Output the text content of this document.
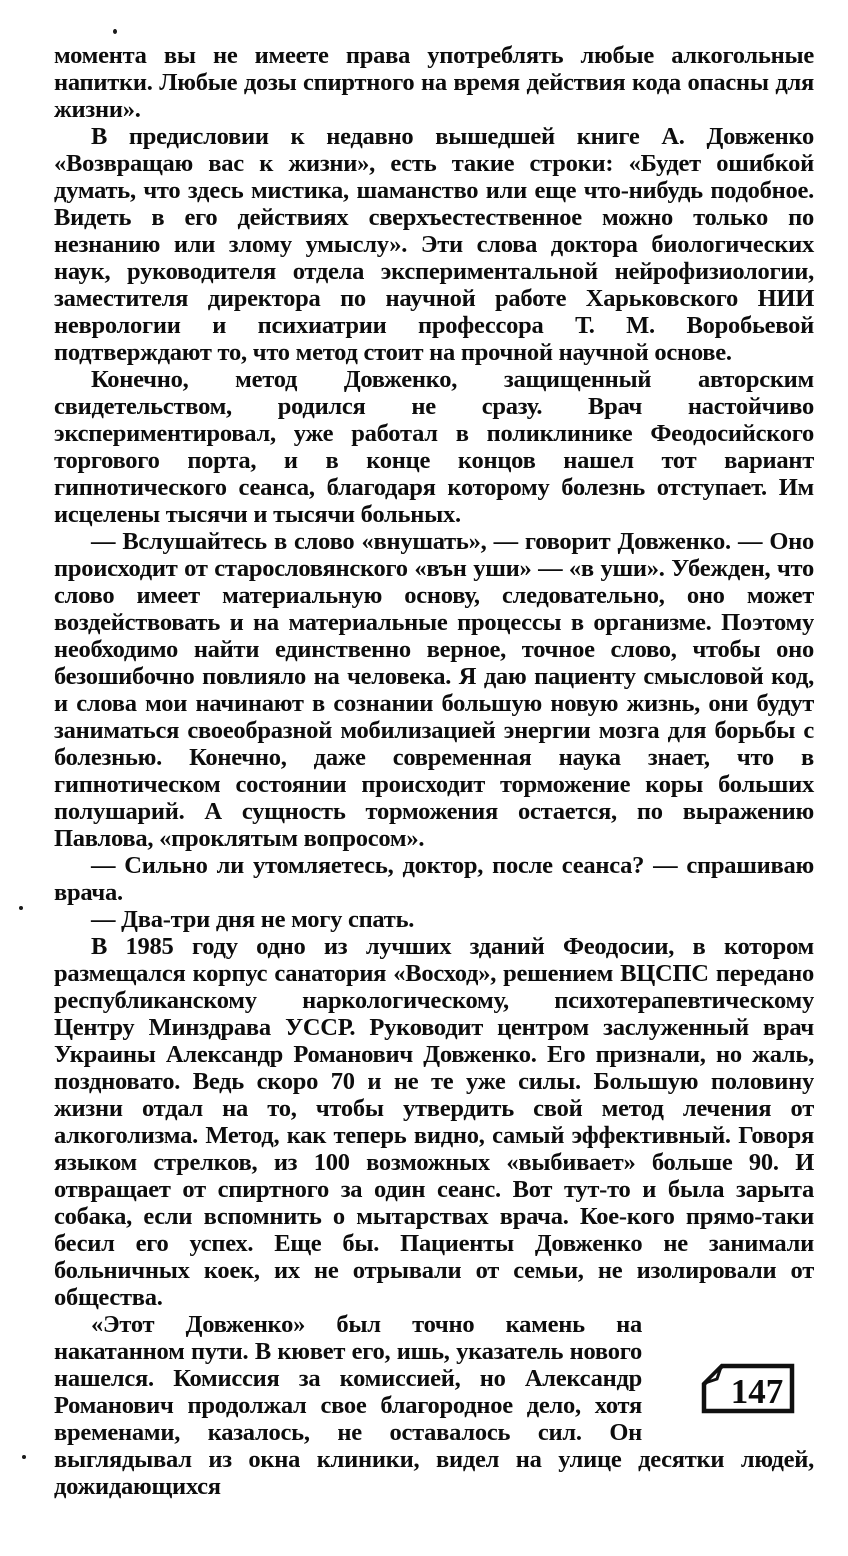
момента вы не имеете права употреблять любые алкогольные напитки. Любые дозы спиртного на время действия кода опасны для жизни».

В предисловии к недавно вышедшей книге А. Довженко «Возвращаю вас к жизни», есть такие строки: «Будет ошибкой думать, что здесь мистика, шаманство или еще что-нибудь подобное. Видеть в его действиях сверхъестественное можно только по незнанию или злому умыслу». Эти слова доктора биологических наук, руководителя отдела экспериментальной нейрофизиологии, заместителя директора по научной работе Харьковского НИИ неврологии и психиатрии профессора Т. М. Воробьевой подтверждают то, что метод стоит на прочной научной основе.

Конечно, метод Довженко, защищенный авторским свидетельством, родился не сразу. Врач настойчиво экспериментировал, уже работал в поликлинике Феодосийского торгового порта, и в конце концов нашел тот вариант гипнотического сеанса, благодаря которому болезнь отступает. Им исцелены тысячи и тысячи больных.

— Вслушайтесь в слово «внушать», — говорит Довженко. — Оно происходит от старословянского «вън уши» — «в уши». Убежден, что слово имеет материальную основу, следовательно, оно может воздействовать и на материальные процессы в организме. Поэтому необходимо найти единственно верное, точное слово, чтобы оно безошибочно повлияло на человека. Я даю пациенту смысловой код, и слова мои начинают в сознании большую новую жизнь, они будут заниматься своеобразной мобилизацией энергии мозга для борьбы с болезнью. Конечно, даже современная наука знает, что в гипнотическом состоянии происходит торможение коры больших полушарий. А сущность торможения остается, по выражению Павлова, «проклятым вопросом».

— Сильно ли утомляетесь, доктор, после сеанса? — спрашиваю врача.

— Два-три дня не могу спать.

В 1985 году одно из лучших зданий Феодосии, в котором размещался корпус санатория «Восход», решением ВЦСПС передано республиканскому наркологическому, психотерапевтическому Центру Минздрава УССР. Руководит центром заслуженный врач Украины Александр Романович Довженко. Его признали, но жаль, поздновато. Ведь скоро 70 и не те уже силы. Большую половину жизни отдал на то, чтобы утвердить свой метод лечения от алкоголизма. Метод, как теперь видно, самый эффективный. Говоря языком стрелков, из 100 возможных «выбивает» больше 90. И отвращает от спиртного за один сеанс. Вот тут-то и была зарыта собака, если вспомнить о мытарствах врача. Кое-кого прямо-таки бесил его успех. Еще бы. Пациенты Довженко не занимали больничных коек, их не отрывали от семьи, не изолировали от общества.

«Этот Довженко» был точно камень на накатанном пути. В кювет его, ишь, указатель нового нашелся. Комиссия за комиссией, но Александр Романович продолжал свое благородное дело, хотя временами, казалось, не оставалось сил. Он выглядывал из окна клиники, видел на улице десятки людей, дожидающихся

147
